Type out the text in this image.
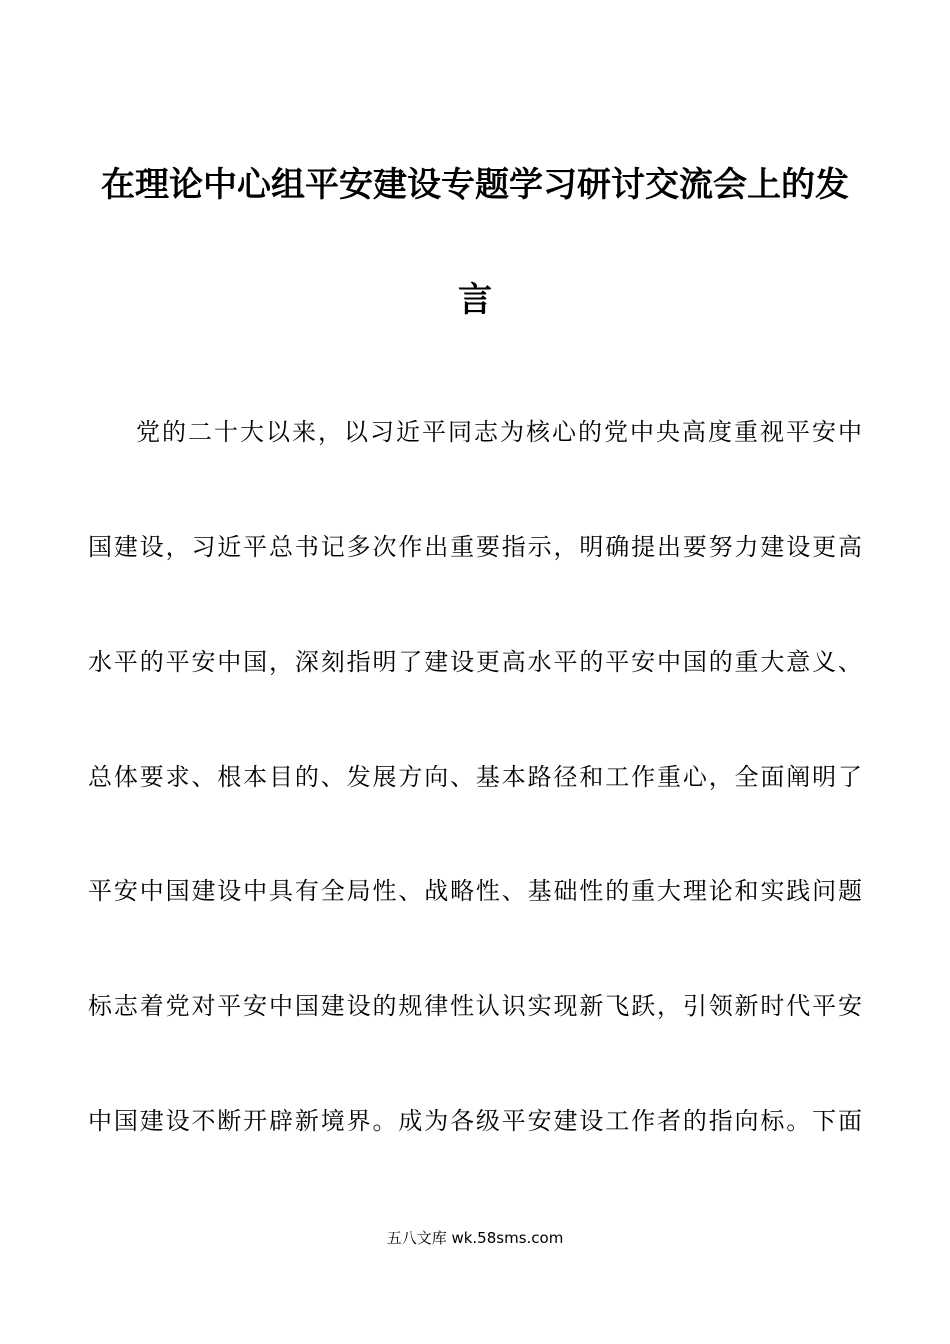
在理论中心组平安建设专题学习研讨交流会上的发
言
党的二十大以来，以习近平同志为核心的党中央高度重视平安中
国建设，习近平总书记多次作出重要指示，明确提出要努力建设更高
水平的平安中国，深刻指明了建设更高水平的平安中国的重大意义、
总体要求、根本目的、发展方向、基本路径和工作重心，全面阐明了
平安中国建设中具有全局性、战略性、基础性的重大理论和实践问题
标志着党对平安中国建设的规律性认识实现新飞跃，引领新时代平安
中国建设不断开辟新境界。成为各级平安建设工作者的指向标。下面
五八文库 wk.58sms.com
